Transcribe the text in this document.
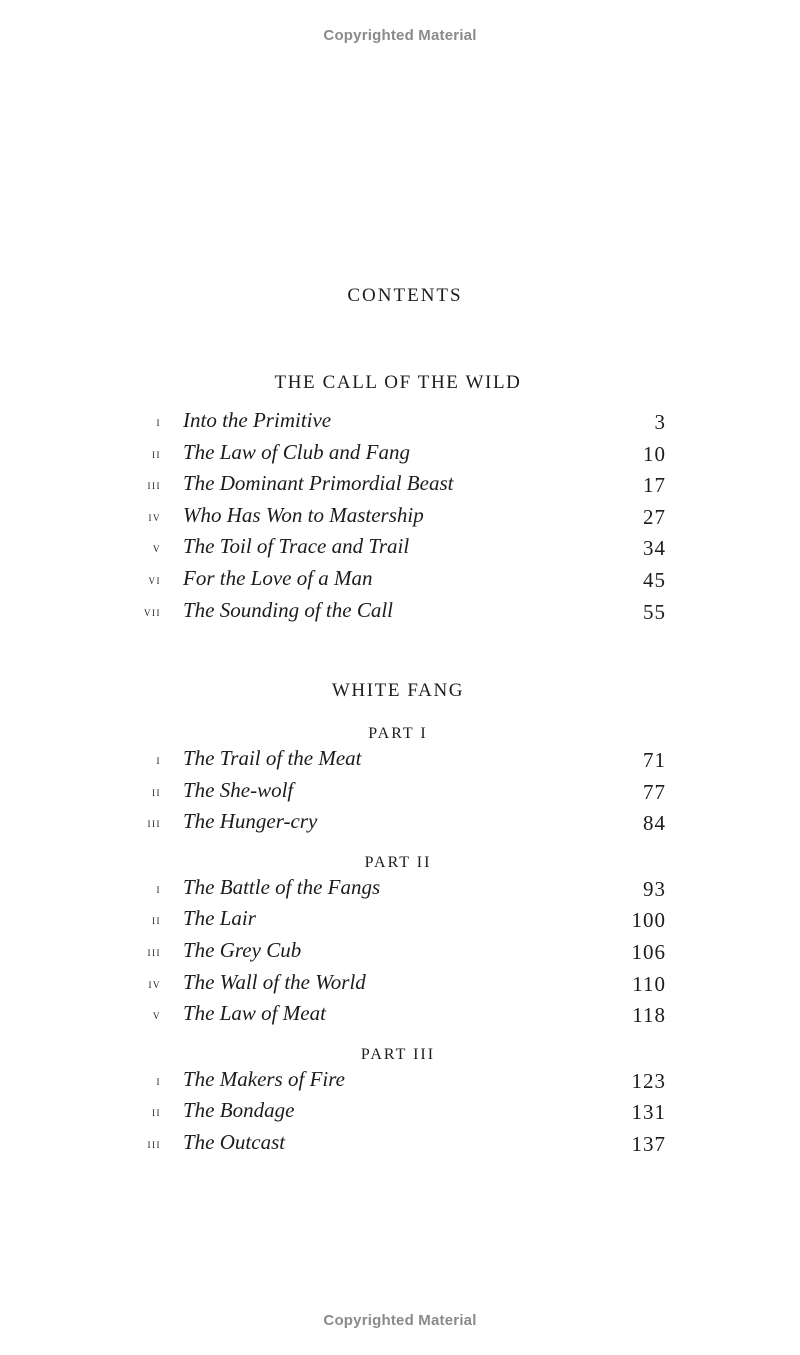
Copyrighted Material
CONTENTS
THE CALL OF THE WILD
i Into the Primitive	3
ii The Law of Club and Fang	10
iii The Dominant Primordial Beast	17
iv Who Has Won to Mastership	27
v The Toil of Trace and Trail	34
vi For the Love of a Man	45
vii The Sounding of the Call	55
WHITE FANG
PART I
i The Trail of the Meat	71
ii The She-wolf	77
iii The Hunger-cry	84
PART II
i The Battle of the Fangs	93
ii The Lair	100
iii The Grey Cub	106
iv The Wall of the World	110
v The Law of Meat	118
PART III
i The Makers of Fire	123
ii The Bondage	131
iii The Outcast	137
Copyrighted Material
